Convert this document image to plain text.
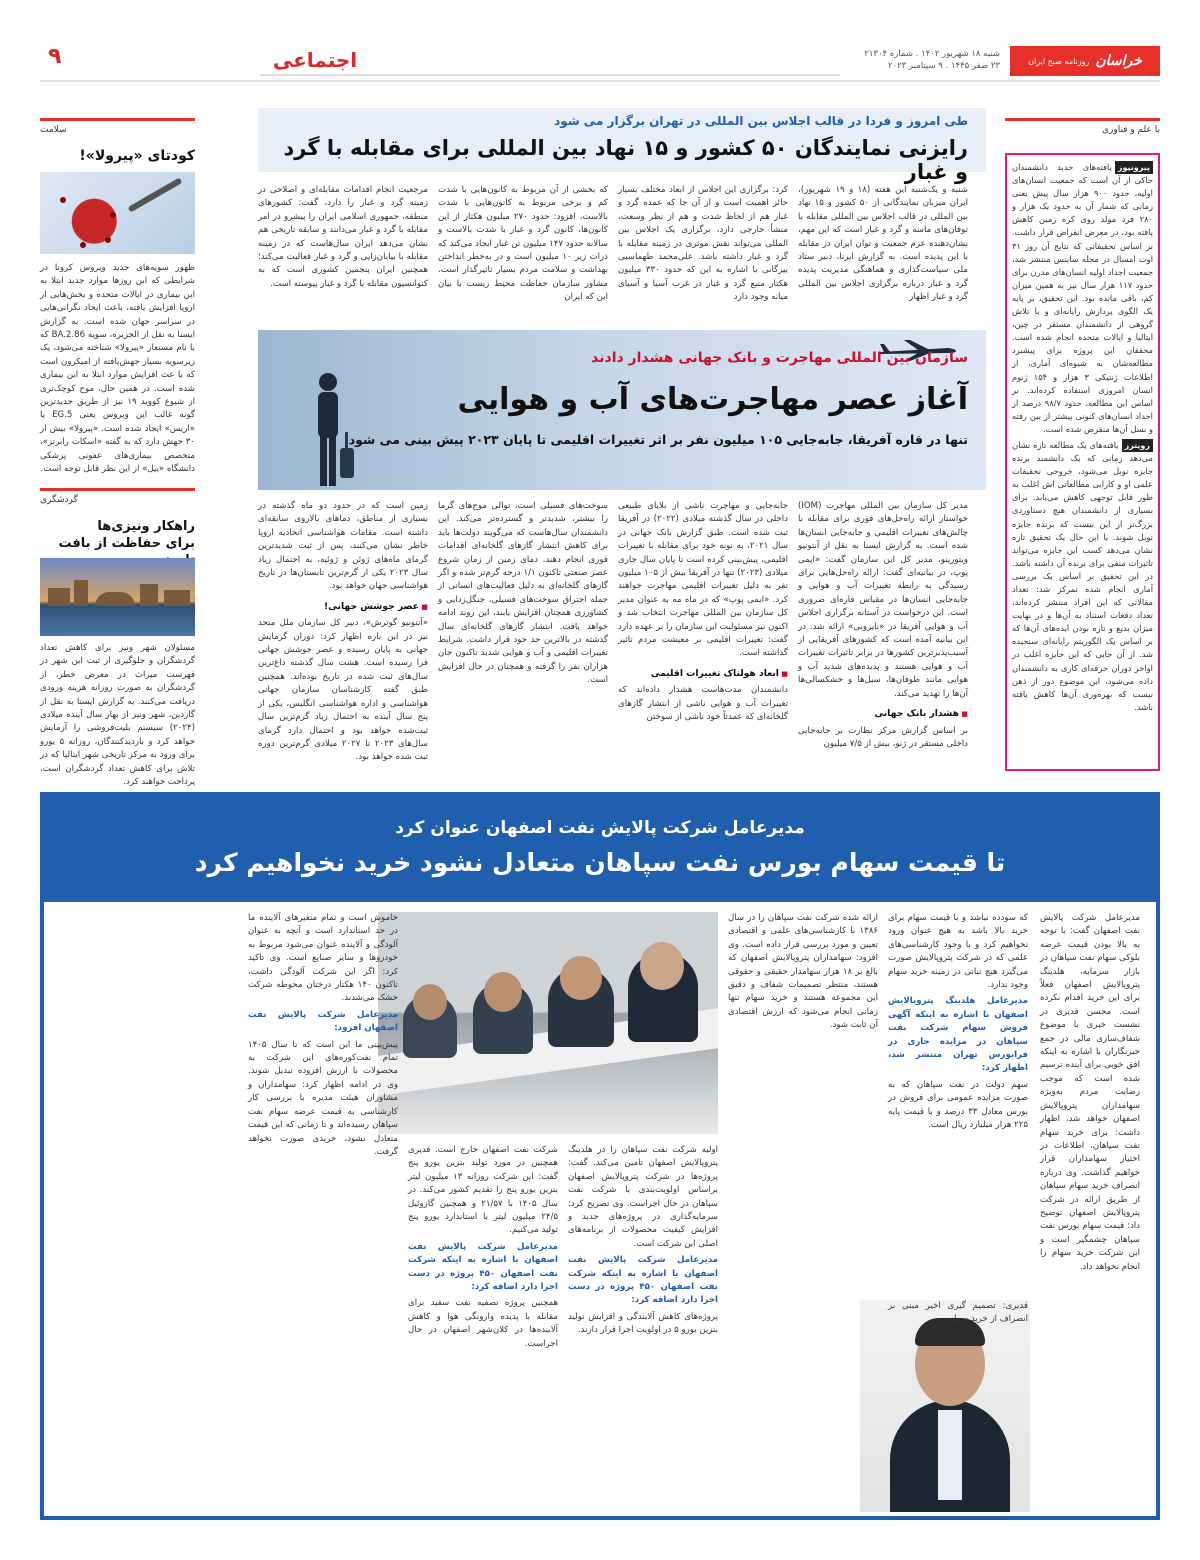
خراسان
روزنامه صبح ایران
شنبه ۱۸ شهریور ۱۴۰۲ . شماره ۲۱۳۰۴
۲۳ صفر ۱۴۴۵ . ۹ سپتامبر ۲۰۲۳
اجتماعی
۹
با علم و فناوری

پیرونیوزیافته‌های جدید دانشمندان حاکی از آن است که جمعیت انسان‌های اولیه، حدود ۹۰۰ هزار سال پیش یعنی زمانی که شمار آن به حدود یک هزار و ۲۸۰ فرد مولد روی کره زمین کاهش یافته بود، در معرض انقراض قرار داشت. بر اساس تحقیقاتی که نتایج آن روز ۳۱ اوت امسال در مجله ساینس منتشر شد، جمعیت اجداد اولیه انسان‌های مدرن برای حدود ۱۱۷ هزار سال نیز به همین میزان کم، باقی مانده بود. این تحقیق، بر پایه یک الگوی پردازش رایانه‌ای و با تلاش گروهی از دانشمندان مستقر در چین، ایتالیا و ایالات متحده انجام شده است. محققان این پروژه برای پیشبرد مطالعه‌شان به شیوه‌ای آماری، از اطلاعات ژنتیکی ۳ هزار و ۱۵۴ ژنوم انسان امروزی استفاده کرده‌اند. بر اساس این مطالعه، حدود ۹۸/۷ درصد از اجداد انسان‌های کنونی پیشتر از بین رفته و نسل آن‌ها منقرض شده است.

رویترزیافته‌های یک مطالعه تازه نشان می‌دهد زمانی که یک دانشمند برنده جایزه نوبل می‌شود، خروجی تحقیقات علمی او و کارایی مطالعاتی اش اغلب به طور قابل توجهی کاهش می‌یابد. برای بسیاری از دانشمندان هیچ دستاوردی بزرگ‌تر از این نیست که برنده جایزه نوبل شوند. با این حال یک تحقیق تازه نشان می‌دهد کسب این جایزه می‌تواند تاثیرات منفی برای برنده آن داشته باشد. در این تحقیق بر اساس یک بررسی آماری انجام شده تمرکز شد: تعداد مقالاتی که این افراد منتشر کرده‌اند، تعداد دفعات استناد به آن‌ها و در نهایت میزان بدیع و تازه بودن ایده‌های آن‌ها که بر اساس یک الگوریتم رایانه‌ای سنجیده شد. از آن جایی که این جایزه اغلب در اواخر دوران حرفه‌ای کاری به دانشمندان داده می‌شود، این موضوع دور از ذهن نیست که بهره‌وری آن‌ها کاهش یافته باشد.

سلامت
کودتای «پیرولا»!
ظهور سویه‌های جدید ویروس کرونا در شرایطی که این روزها موارد جدید ابتلا به این بیماری در ایالات متحده و بخش‌هایی از اروپا افزایش یافته، باعث ایجاد نگرانی‌هایی در سراسر جهان شده است. به گزارش ایسنا به نقل از الجزیره، سویه BA.2.86 که با نام مستعار «پیرولا» شناخته می‌شود، یک زیرسویه بسیار جهش‌یافته از امیکرون است که با عث افزایش موارد ابتلا به این بیماری شده است. در همین حال، موج کوچک‌تری از شیوع کووید ۱۹ نیز از طریق جدیدترین گونه غالب این ویروس یعنی EG.5 یا «اریس» ایجاد شده است. «پیرولا» بیش از ۳۰ جهش دارد که به گفته «اسکات رابرتز»، متخصص بیماری‌های عفونی پزشکی دانشگاه «ییل» از این نظر قابل توجه است.
گردشگری
راهکار ونیزی‌ها
برای حفاظت از بافت
مسئولان شهر ونیز برای کاهش تعداد گردشگران و جلوگیری از ثبت این شهر در فهرست میراث در معرض خطر، از گردشگران به صورت روزانه هزینه ورودی دریافت می‌کنند. به گزارش ایسنا به نقل از گاردین، شهر ونیز از بهار سال آینده میلادی (۲۰۲۴) سیستم بلیت‌فروشی را آزمایش خواهد کرد و بازدیدکنندگان، روزانه ۵ یورو برای ورود به مرکز تاریخی شهر ایتالیا که در تلاش برای کاهش تعداد گردشگران است، پرداخت خواهند کرد.
طی امروز و فردا در قالب اجلاس بین المللی در تهران برگزار می شود
رایزنی نمایندگان ۵۰ کشور و ۱۵ نهاد بین المللی برای مقابله با گرد و غبار
شنبه و یک‌شنبه این هفته (۱۸ و ۱۹ شهریور)، ایران میزبان نمایندگانی از ۵۰ کشور و ۱۵ نهاد بین المللی در قالب اجلاس بین المللی مقابله با توفان‌های ماسه و گرد و غبار است که این مهم، نشان‌دهنده عزم جمعیت و توان ایران در مقابله با این پدیده است. به گزارش ایرنا، دبیر ستاد ملی سیاست‌گذاری و هماهنگی مدیریت پدیده گرد و غبار درباره برگزاری اجلاس بین المللی گرد و غبار اظهار
کرد: برگزاری این اجلاس از ابعاد مختلف بسیار حائز اهمیت است و از آن جا که عمده گرد و غبار هم از لحاظ شدت و هم از نظر وسعت، منشأ خارجی دارد، برگزاری یک اجلاس بین المللی می‌تواند نقش موثری در زمینه مقابله با گرد و غبار داشته باشد. علی‌محمد طهماسبی بیرگانی با اشاره به این که حدود ۳۳۰ میلیون هکتار منبع گرد و غبار در غرب آسیا و آسیای میانه وجود دارد
که بخشی از آن مربوط به کانون‌هایی با شدت کم و برخی مربوط به کانون‌هایی با شدت بالاست، افزود: حدود ۲۷۰ میلیون هکتار از این کانون‌ها، کانون گرد و غبار با شدت بالاست و سالانه حدود ۱۴۷ میلیون تن غبار ایجاد می‌کند که ذرات زیر ۱۰ میلیون است و در به‌خطر انداختن بهداشت و سلامت مردم بسیار تاثیرگذار است. مشاور سازمان حفاظت محیط زیست با بیان این که ایران
مرجعیت انجام اقدامات مقابله‌ای و اصلاحی در زمینه گرد و غبار را دارد، گفت: کشورهای منطقه، جمهوری اسلامی ایران را پیشرو در امر مقابله با گرد و غبار می‌دانند و سابقه تاریخی هم نشان می‌دهد ایران سال‌هاست که در زمینه مقابله با بیابان‌زایی و گرد و غبار فعالیت می‌کند؛ همچنین ایران پنجمین کشوری است که به کنوانسیون مقابله با گرد و غبار پیوسته است.
سازمان بین المللی مهاجرت و بانک جهانی هشدار دادند
آغاز عصر مهاجرت‌های آب و هوایی
تنها در قاره آفریقا، جابه‌جایی ۱۰۵ میلیون نفر بر اثر تغییرات اقلیمی تا پایان ۲۰۲۳ پیش بینی می شود

مدیر کل سازمان بین المللی مهاجرت (IOM) خواستار ارائه راه‌حل‌های فوری برای مقابله با چالش‌های تغییرات اقلیمی و جابه‌جایی انسان‌ها شده است. به گزارش ایسنا به نقل از آنتونیو ویتورینو، مدیر کل این سازمان گفت: «ایمی پوپ، در بیانیه‌ای گفت: ارائه راه‌حل‌هایی برای رسیدگی به رابطه تغییرات آب و هوایی و جابه‌جایی انسان‌ها در مقیاس فاره‌ای ضروری است. این درخواست در آستانه برگزاری اجلاس آب و هوایی آفریقا در «نایروبی» ارائه شد. در این بیانیه آمده است که کشورهای آفریقایی از آسیب‌پذیرترین کشورها در برابر تاثیرات تغییرات آب و هوایی هستند و پدیده‌های شدید آب و هوایی مانند طوفان‌ها، سیل‌ها و خشکسالی‌ها آن‌ها را تهدید می‌کند.

■ هشدار بانک جهانی

بر اساس گزارش مرکز نظارت بر جابه‌جایی داخلی مستقر در ژنو، بیش از ۷/۵ میلیون

جابه‌جایی و مهاجرت ناشی از بلایای طبیعی داخلی در سال گذشته میلادی (۲۰۲۲) در آفریقا ثبت شده است. طبق گزارش بانک جهانی در سال ۲۰۲۱، به نوبه خود برای مقابله با تغییرات اقلیمی، پیش‌بینی کرده است تا پایان سال جاری میلادی (۲۰۲۳) تنها در آفریقا بیش از ۱۰۵ میلیون نفر به دلیل تغییرات اقلیمی مهاجرت خواهند کرد. «ایمی پوپ» که در ماه مه به عنوان مدیر کل سازمان بین المللی مهاجرت انتخاب شد و اکنون نیز مسئولیت این سازمان را بر عهده دارد گفت: تغییرات اقلیمی بر معیشت مردم تاثیر گذاشته است.

■ ابعاد هولناک تغییرات اقلیمی

دانشمندان مدت‌هاست هشدار داده‌اند که تغییرات آب و هوایی ناشی از انتشار گازهای گلخانه‌ای که عمدتاً خود ناشی از سوختن

سوخت‌های فسیلی است، توالی موج‌های گرما را بیشتر، شدیدتر و گسترده‌تر می‌کند. این دانشمندان سال‌هاست که می‌گویند دولت‌ها باید برای کاهش انتشار گازهای گلخانه‌ای اقدامات فوری انجام دهند. دمای زمین از زمان شروع عصر صنعتی تاکنون ۱/۱ درجه گرم‌تر شده و اگر گازهای گلخانه‌ای به دلیل فعالیت‌های انسانی از جمله احتراق سوخت‌های فسیلی، جنگل‌زدایی و کشاورزی همچنان افزایش یابند، این روند ادامه خواهد یافت. انتشار گازهای گلخانه‌ای سال گذشته در بالاترین حد خود قرار داشت. شرایط تغییرات اقلیمی و آب و هوایی شدید تاکنون جان هزاران نفر را گرفته و همچنان در حال افزایش است.

زمین است که در حدود دو ماه گذشته در بسیاری از مناطق، دماهای بالاروی سابقه‌ای داشته است. مقامات هواشناسی اتحادیه اروپا خاطر نشان می‌کنند، پس از ثبت شدیدترین گرمای ماه‌های ژوئن و ژوئیه، به احتمال زیاد سال ۲۰۲۳ یکی از گرم‌ترین تابستان‌ها در تاریخ هواشناسی جهان خواهد بود.

■ عصر جوشش جهانی!

«آنتونیو گوترش»، دبیر کل سازمان ملل متحد نیز در این باره اظهار کرد: دوران گرمایش جهانی به پایان رسیده و عصر جوشش جهانی فرا رسیده است. هشت سال گذشته داغ‌ترین سال‌های ثبت شده در تاریخ بوده‌اند. همچنین طبق گفته کارشناسان سازمان جهانی هواشناسی و اداره هواشناسی انگلیس، یکی از پنج سال آینده به احتمال زیاد گرم‌ترین سال ثبت‌شده خواهد بود و احتمال دارد گرمای سال‌های ۲۰۲۳ تا ۲۰۲۷ میلادی گرم‌ترین دوره ثبت شده خواهد بود.

مدیرعامل شرکت پالایش نفت اصفهان عنوان کرد
تا قیمت سهام بورس نفت سپاهان متعادل نشود خرید نخواهیم کرد
مدیرعامل شرکت پالایش نفت اصفهان گفت: با توجه به بالا بودن قیمت عرضه بلوکی سهام نفت سپاهان در بازار سرمایه، هلدینگ پتروپالایش اصفهان فعلاً برای این خرید اقدام نکرده است. محسن قدیری در نشست خبری با موضوع شفاف‌سازی مالی در جمع خبرنگاران با اشاره به اینکه افق خوبی برای آینده ترسیم شده است که موجب رضایت مردم به‌ویژه سهامداران پتروپالایش اصفهان خواهد شد، اظهار داشت: برای خرید سهام نفت سپاهان، اطلاعات در اختیار سهامداران قرار خواهیم گذاشت. وی درباره انصراف خرید سهام سپاهان از طریق ارائه در شرکت پتروپالایش اصفهان توضیح داد: قیمت سهام بورس نفت سپاهان چشمگیر است و این شرکت خرید سهام را انجام نخواهد داد.

که سودده نباشد و با قیمت سهام برای خرید بالا باشد به هیچ عنوان ورود نخواهیم کرد و با وجود کارشناسی‌های علمی که در شرکت پتروپالایش صورت می‌گیرد هیچ تبانی در زمینه خرید سهام وجود ندارد.

مدیرعامل هلدینگ پتروپالایش اصفهان با اشاره به اینکه آگهی فروش سهام شرکت نفت سپاهان در مزایده جاری در فرابورس تهران منتشر شد، اظهار کرد:

سهم دولت در نفت سپاهان که به صورت مزایده عمومی برای فروش در بورس معادل ۳۳ درصد و با قیمت پایه ۲۲۵ هزار میلیارد ریال است.

قدیری: تصمیم گیری اخیر مبنی بر انصراف از خرید سهام
ارائه شده شرکت نفت سپاهان را در سال ۱۳۸۶ با کارشناسی‌های علمی و اقتصادی تعیین و مورد بررسی قرار داده است. وی افزود: سهامداران پتروپالایش اصفهان که بالغ بر ۱۸ هزار سهامدار حقیقی و حقوقی هستند، منتظر تصمیمات شفاف و دقیق این مجموعه هستند و خرید سهام تنها زمانی انجام می‌شود که ارزش اقتصادی آن ثابت شود.

اولیه شرکت نفت سپاهان را در هلدینگ پتروپالایش اصفهان تامین می‌کند. گفت: پروژه‌ها در شرکت پتروپالایش اصفهان براساس اولویت‌بندی با شرکت نفت سپاهان در حال اجراست. وی تصریح کرد: سرمایه‌گذاری در پروژه‌های جدید و افزایش کیفیت محصولات از برنامه‌های اصلی این شرکت است.

مدیرعامل شرکت پالایش نفت اصفهان با اشاره به اینکه شرکت نفت اصفهان ۴۵۰ پروژه در دست اجرا دارد اضافه کرد:

پروژه‌های کاهش آلایندگی و افزایش تولید بنزین یورو ۵ در اولویت اجرا قرار دارند.

شرکت نفت اصفهان خارج است. قدیری همچنین در مورد تولید بنزین یورو پنج گفت: این شرکت روزانه ۱۳ میلیون لیتر بنزین یورو پنج را تقدیم کشور می‌کند. در سال ۱۴۰۵ با ۲۱/۵۷ و همچنین گازوئیل ۲۴/۵ میلیون لیتر با استاندارد یورو پنج تولید می‌کنیم.

مدیرعامل شرکت پالایش نفت اصفهان با اشاره به اینکه شرکت نفت اصفهان ۴۵۰ پروژه در دست اجرا دارد اضافه کرد:

همچنین پروژه تصفیه نفت سفید برای مقابله با پدیده وارونگی هوا و کاهش آلاینده‌ها در کلان‌شهر اصفهان در حال اجراست.

خاموش است و تمام متغیرهای آلاینده ما در حد استاندارد است و آنچه به عنوان آلودگی و آلاینده عنوان می‌شود مربوط به خودروها و سایر صنایع است. وی تاکید کرد: اگر این شرکت آلودگی داشت، تاکنون ۱۴۰ هکتار درختان محوطه شرکت خشک می‌شدند.

مدیرعامل شرکت پالایش نفت اصفهان افزود:

پیش‌بینی ما این است که تا سال ۱۴۰۵ تمام نفت‌کوره‌های این شرکت به محصولات با ارزش افزوده تبدیل شوند. وی در ادامه اظهار کرد: سهامداران و مشاوران هیئت مدیره با بررسی کار کارشناسی به قیمت عرضه سهام نفت سپاهان رسیده‌اند و تا زمانی که این قیمت متعادل نشود، خریدی صورت نخواهد گرفت.
